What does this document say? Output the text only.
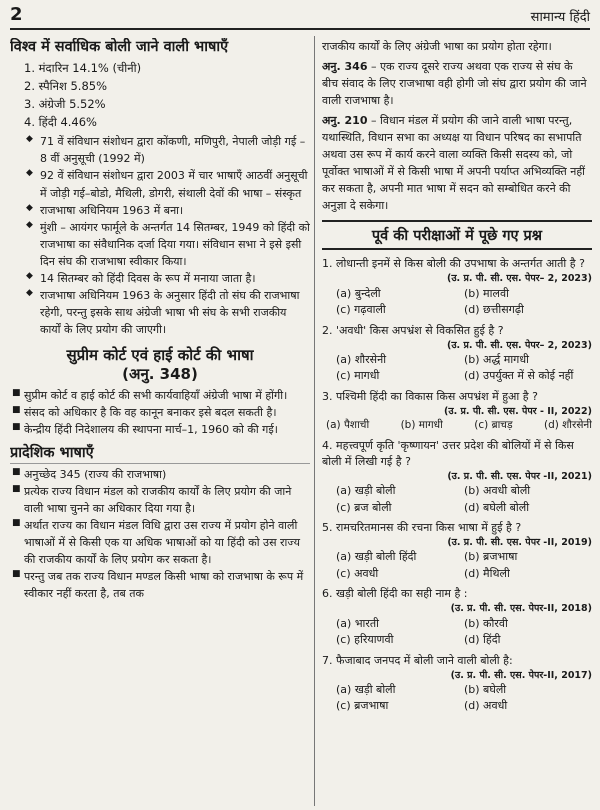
2	सामान्य हिंदी
विश्व में सर्वाधिक बोली जाने वाली भाषाएँ
1. मंदारिन 14.1% (चीनी)
2. स्पैनिश 5.85%
3. अंग्रेजी 5.52%
4. हिंदी 4.46%
◆ 71 वें संविधान संशोधन द्वारा कोंकणी, मणिपुरी, नेपाली जोड़ी गई – 8 वीं अनुसूची (1992 में)
◆ 92 वें संविधान संशोधन द्वारा 2003 में चार भाषाएँ आठवीं अनुसूची में जोड़ी गई–बोडो, मैथिली, डोगरी, संथाली देवों की भाषा – संस्कृत
◆ राजभाषा अधिनियम 1963 में बना।
◆ मुंशी – आयंगर फार्मूले के अन्तर्गत 14 सितम्बर, 1949 को हिंदी को राजभाषा का संवैधानिक दर्जा दिया गया। संविधान सभा ने इसे इसी दिन संघ की राजभाषा स्वीकार किया।
◆ 14 सितम्बर को हिंदी दिवस के रूप में मनाया जाता है।
◆ राजभाषा अधिनियम 1963 के अनुसार हिंदी तो संघ की राजभाषा रहेगी, परन्तु इसके साथ अंग्रेजी भाषा भी संघ के सभी राजकीय कार्यों के लिए प्रयोग की जाएगी।
सुप्रीम कोर्ट एवं हाई कोर्ट की भाषा
(अनु. 348)
■ सुप्रीम कोर्ट व हाई कोर्ट की सभी कार्यवाहियाँ अंग्रेजी भाषा में होंगी।
■ संसद को अधिकार है कि वह कानून बनाकर इसे बदल सकती है।
■ केन्द्रीय हिंदी निदेशालय की स्थापना मार्च–1, 1960 को की गई।
प्रादेशिक भाषाएँ
■ अनुच्छेद 345 (राज्य की राजभाषा)
■ प्रत्येक राज्य विधान मंडल को राजकीय कार्यों के लिए प्रयोग की जाने वाली भाषा चुनने का अधिकार दिया गया है।
■ अर्थात राज्य का विधान मंडल विधि द्वारा उस राज्य में प्रयोग होने वाली भाषाओं में से किसी एक या अधिक भाषाओं को या हिंदी को उस राज्य की राजकीय कार्यों के लिए प्रयोग कर सकता है।
■ परन्तु जब तक राज्य विधान मण्डल किसी भाषा को राजभाषा के रूप में स्वीकार नहीं करता है, तब तक

राजकीय कार्यों के लिए अंग्रेजी भाषा का प्रयोग होता रहेगा।

अनु. 346 – एक राज्य दूसरे राज्य अथवा एक राज्य से संघ के बीच संवाद के लिए राजभाषा वही होगी जो संघ द्वारा प्रयोग की जाने वाली राजभाषा है।

अनु. 210 – विधान मंडल में प्रयोग की जाने वाली भाषा परन्तु, यथास्थिति, विधान सभा का अध्यक्ष या विधान परिषद का सभापति अथवा उस रूप में कार्य करने वाला व्यक्ति किसी सदस्य को, जो पूर्वोक्त भाषाओं में से किसी भाषा में अपनी पर्याप्त अभिव्यक्ति नहीं कर सकता है, अपनी मात भाषा में सदन को सम्बोधित करने की अनुज्ञा दे सकेगा।

पूर्व की परीक्षाओं में पूछे गए प्रश्न
1. लोधान्ती इनमें से किस बोली की उपभाषा के अन्तर्गत आती है ?
(उ. प्र. पी. सी. एस. पेपर– 2, 2023)
(a) बुन्देली	(b) मालवी
(c) गढ़वाली	(d) छत्तीसगढ़ी
2. 'अवधी' किस अपभ्रंश से विकसित हुई है ?
(उ. प्र. पी. सी. एस. पेपर– 2, 2023)
(a) शौरसेनी	(b) अर्द्ध मागधी
(c) मागधी	(d) उपर्युक्त में से कोई नहीं
3. पश्चिमी हिंदी का विकास किस अपभ्रंश में हुआ है ?
(उ. प्र. पी. सी. एस. पेपर - II, 2022)
(a) पैशाची	(b) मागधी	(c) ब्राचड़	(d) शौरसेनी
4. महत्त्वपूर्ण कृति 'कृष्णायन' उत्तर प्रदेश की बोलियों में से किस बोली में लिखी गई है ?
(उ. प्र. पी. सी. एस. पेपर -II, 2021)
(a) खड़ी बोली	(b) अवधी बोली
(c) ब्रज बोली	(d) बघेली बोली
5. रामचरितमानस की रचना किस भाषा में हुई है ?
(उ. प्र. पी. सी. एस. पेपर -II, 2019)
(a) खड़ी बोली हिंदी	(b) ब्रजभाषा
(c) अवधी	(d) मैथिली
6. खड़ी बोली हिंदी का सही नाम है :
(उ. प्र. पी. सी. एस. पेपर-II, 2018)
(a) भारती	(b) कौरवी
(c) हरियाणवी	(d) हिंदी
7. फैजाबाद जनपद में बोली जाने वाली बोली है:
(उ. प्र. पी. सी. एस. पेपर-II, 2017)
(a) खड़ी बोली	(b) बघेली
(c) ब्रजभाषा	(d) अवधी
